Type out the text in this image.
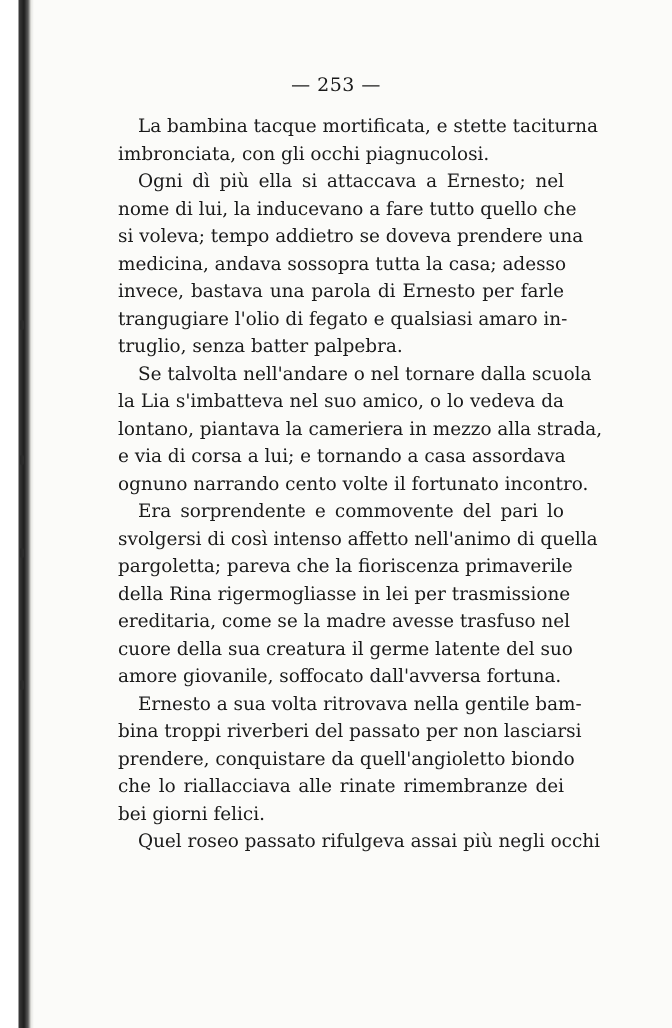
— 253 —
La bambina tacque mortificata, e stette taciturna
imbronciata, con gli occhi piagnucolosi.
Ogni dì più ella si attaccava a Ernesto; nel
nome di lui, la inducevano a fare tutto quello che
si voleva; tempo addietro se doveva prendere una
medicina, andava sossopra tutta la casa; adesso
invece, bastava una parola di Ernesto per farle
trangugiare l'olio di fegato e qualsiasi amaro in-
truglio, senza batter palpebra.
Se talvolta nell'andare o nel tornare dalla scuola
la Lia s'imbatteva nel suo amico, o lo vedeva da
lontano, piantava la cameriera in mezzo alla strada,
e via di corsa a lui; e tornando a casa assordava
ognuno narrando cento volte il fortunato incontro.
Era sorprendente e commovente del pari lo
svolgersi di così intenso affetto nell'animo di quella
pargoletta; pareva che la fioriscenza primaverile
della Rina rigermogliasse in lei per trasmissione
ereditaria, come se la madre avesse trasfuso nel
cuore della sua creatura il germe latente del suo
amore giovanile, soffocato dall'avversa fortuna.
Ernesto a sua volta ritrovava nella gentile bam-
bina troppi riverberi del passato per non lasciarsi
prendere, conquistare da quell'angioletto biondo
che lo riallacciava alle rinate rimembranze dei
bei giorni felici.
Quel roseo passato rifulgeva assai più negli occhi
